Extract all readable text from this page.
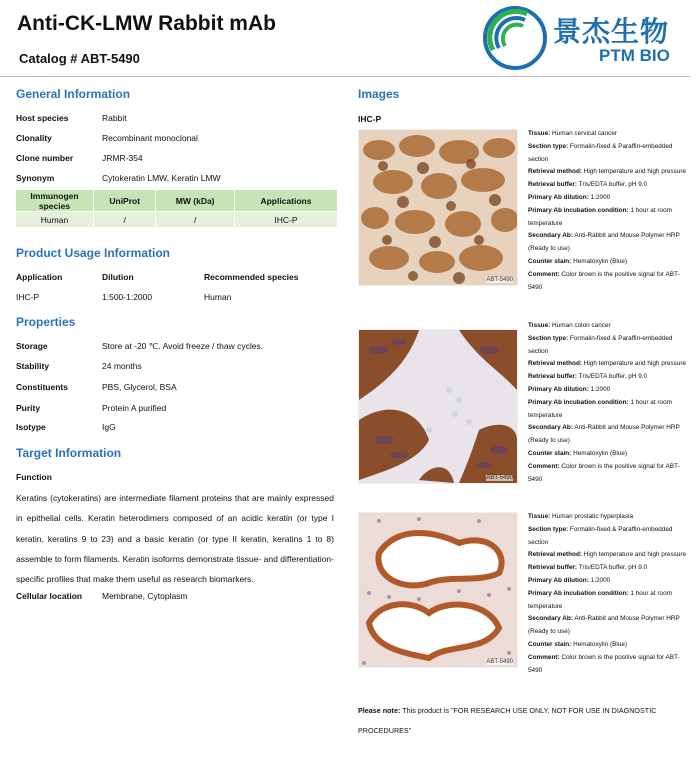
Anti-CK-LMW Rabbit mAb
Catalog # ABT-5490
景杰生物
PTM BIO
General Information
Host species	Rabbit
Clonality	Recombinant monoclonal
Clone number	JRMR-354
Synonym	Cytokeratin LMW, Keratin LMW
Immunogen species	UniProt	MW (kDa)	Applications
Human	/	/	IHC-P
Product Usage Information
Application	Dilution	Recommended species
IHC-P	1:500-1:2000	Human
Properties
Storage	Store at -20 ℃. Avoid freeze / thaw cycles.
Stability	24 months
Constituents	PBS, Glycerol, BSA
Purity	Protein A purified
Isotype	IgG
Target Information
Function
Keratins (cytokeratins) are intermediate filament proteins that are mainly expressed in epithelial cells. Keratin heterodimers composed of an acidic keratin (or type I keratin, keratins 9 to 23) and a basic keratin (or type II keratin, keratins 1 to 8) assemble to form filaments. Keratin isoforms demonstrate tissue- and differentiation-specific profiles that make them useful as research biomarkers.
Cellular location Membrane, Cytoplasm
Images
IHC-P
ABT-5490
Tissue: Human cervical cancer
Section type: Formalin-fixed & Paraffin-embedded section
Retrieval method: High temperature and high pressure
Retrieval buffer: Tris/EDTA buffer, pH 9.0
Primary Ab dilution: 1:2000
Primary Ab incubation condition: 1 hour at room temperature
Secondary Ab: Anti-Rabbit and Mouse Polymer HRP (Ready to use)
Counter stain: Hematoxylin (Blue)
Comment: Color brown is the positive signal for ABT-5490
ABT-5490
Tissue: Human colon cancer
Section type: Formalin-fixed & Paraffin-embedded section
Retrieval method: High temperature and high pressure
Retrieval buffer: Tris/EDTA buffer, pH 9.0
Primary Ab dilution: 1:2000
Primary Ab incubation condition: 1 hour at room temperature
Secondary Ab: Anti-Rabbit and Mouse Polymer HRP (Ready to use)
Counter stain: Hematoxylin (Blue)
Comment: Color brown is the positive signal for ABT-5490
ABT-5490
Tissue: Human prostatic hyperplasia
Section type: Formalin-fixed & Paraffin-embedded section
Retrieval method: High temperature and high pressure
Retrieval buffer: Tris/EDTA buffer, pH 9.0
Primary Ab dilution: 1:2000
Primary Ab incubation condition: 1 hour at room temperature
Secondary Ab: Anti-Rabbit and Mouse Polymer HRP (Ready to use)
Counter stain: Hematoxylin (Blue)
Comment: Color brown is the positive signal for ABT-5490
Please note: This product is "FOR RESEARCH USE ONLY. NOT FOR USE IN DIAGNOSTIC PROCEDURES"
